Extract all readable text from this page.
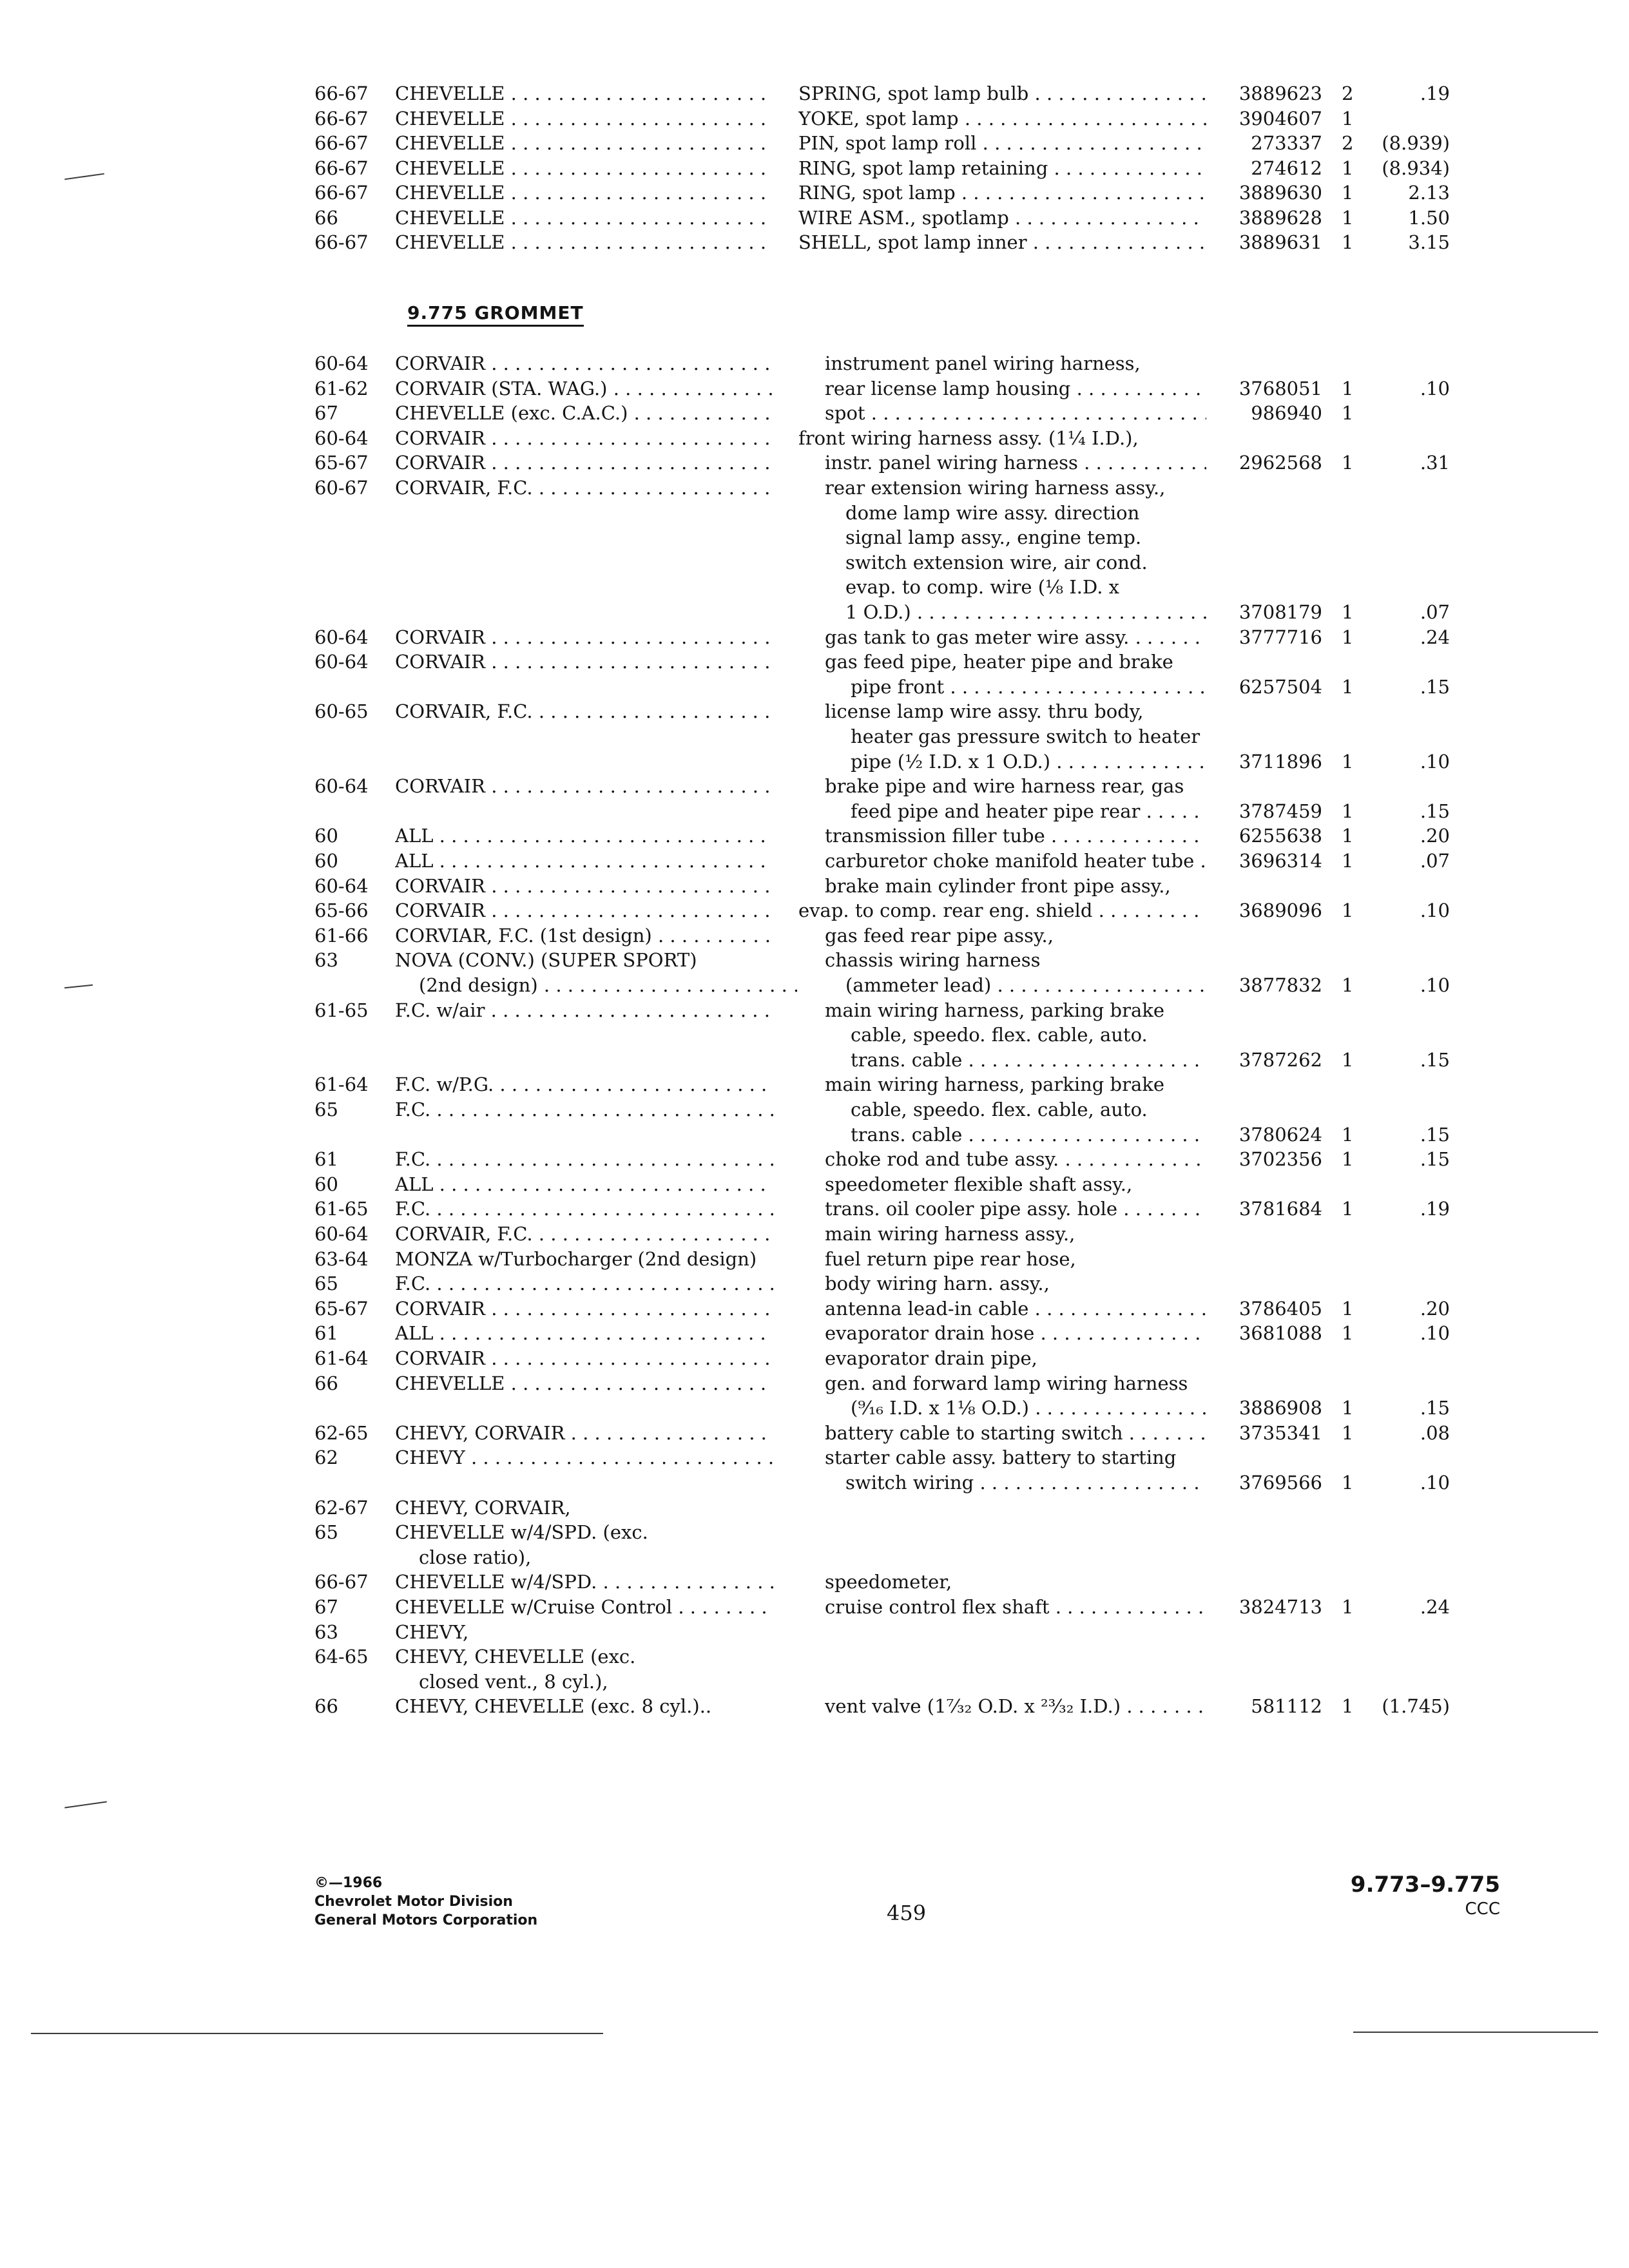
66-67 CHEVELLE . . .	SPRING, spot lamp bulb . . .	3889623 2	.19
66-67 CHEVELLE . . .	YOKE, spot lamp . . .	3904607 1
66-67 CHEVELLE . . .	PIN, spot lamp roll . . .	273337 2	(8.939)
66-67 CHEVELLE . . .	RING, spot lamp retaining . . .	274612 1	(8.934)
66-67 CHEVELLE . . .	RING, spot lamp . . .	3889630 1	2.13
66	CHEVELLE . . .	WIRE ASM., spotlamp . . .	3889628 1	1.50
66-67 CHEVELLE . . .	SHELL, spot lamp inner . . .	3889631 1	3.15
60-64 CORVAIR . . .	instrument panel wiring harness,
61-62 CORVAIR (STA. WAG.) . . .	rear license lamp housing . . .	3768051 1	.10
67	CHEVELLE (exc. C.A.C.) . . .	spot . . .	986940 1
60-64 CORVAIR . . .	front wiring harness assy. (1¼ I.D.),
65-67 CORVAIR . . .	instr. panel wiring harness . . .	2962568 1	.31
60-67 CORVAIR, F.C. . . .	rear extension wiring harness assy.,
dome lamp wire assy. direction
signal lamp assy., engine temp.
switch extension wire, air cond.
evap. to comp. wire (⅛ I.D. x
1 O.D.) . . .	3708179 1	.07
60-64 CORVAIR . . .	gas tank to gas meter wire assy. . . .	3777716 1	.24
60-64 CORVAIR . . .	gas feed pipe, heater pipe and brake
pipe front . . .	6257504 1	.15
60-65 CORVAIR, F.C. . . .	license lamp wire assy. thru body,
heater gas pressure switch to heater
pipe (½ I.D. x 1 O.D.) . . .	3711896 1	.10
60-64 CORVAIR . . .	brake pipe and wire harness rear, gas
feed pipe and heater pipe rear . . .	3787459 1	.15
60	ALL . . .	transmission filler tube . . .	6255638 1	.20
60	ALL . . .	carburetor choke manifold heater tube . . .	3696314 1	.07
60-64 CORVAIR . . .	brake main cylinder front pipe assy.,
65-66 CORVAIR . . .	evap. to comp. rear eng. shield . . .	3689096 1	.10
61-66 CORVIAR, F.C. (1st design) . . .	gas feed rear pipe assy.,
63	NOVA (CONV.) (SUPER SPORT)	chassis wiring harness
(2nd design) . . .	(ammeter lead) . . .	3877832 1	.10
61-65 F.C. w/air . . .	main wiring harness, parking brake
cable, speedo. flex. cable, auto.
trans. cable . . .	3787262 1	.15
61-64 F.C. w/P.G. . . .	main wiring harness, parking brake
65	F.C. . . .	cable, speedo. flex. cable, auto.
trans. cable . . .	3780624 1	.15
61	F.C. . . .	choke rod and tube assy. . . .	3702356 1	.15
60	ALL . . .	speedometer flexible shaft assy.,
61-65 F.C. . . .	trans. oil cooler pipe assy. hole . . .	3781684 1	.19
60-64 CORVAIR, F.C. . . .	main wiring harness assy.,
63-64 MONZA w/Turbocharger (2nd design)	fuel return pipe rear hose,
65	F.C. . . .	body wiring harn. assy.,
65-67 CORVAIR . . .	antenna lead-in cable . . .	3786405 1	.20
61	ALL . . .	evaporator drain hose . . .	3681088 1	.10
61-64 CORVAIR . . .	evaporator drain pipe,
66	CHEVELLE . . .	gen. and forward lamp wiring harness
(⁹⁄₁₆ I.D. x 1⅛ O.D.) . . .	3886908 1	.15
62-65 CHEVY, CORVAIR . . .	battery cable to starting switch . . .	3735341 1	.08
62	CHEVY . . .	starter cable assy. battery to starting
switch wiring . . .	3769566 1	.10
62-67 CHEVY, CORVAIR,
65	CHEVELLE w/4/SPD. (exc.
close ratio),
66-67 CHEVELLE w/4/SPD. . . .	speedometer,
67	CHEVELLE w/Cruise Control . . .	cruise control flex shaft . . .	3824713 1	.24
63	CHEVY,
64-65 CHEVY, CHEVELLE (exc.
closed vent., 8 cyl.),
66	CHEVY, CHEVELLE (exc. 8 cyl.)..	vent valve (1⁷⁄₃₂ O.D. x ²³⁄₃₂ I.D.) . . .	581112 1	(1.745)
9.775 GROMMET
©—1966
Chevrolet Motor Division
General Motors Corporation	459
9.773–9.775
CCC
